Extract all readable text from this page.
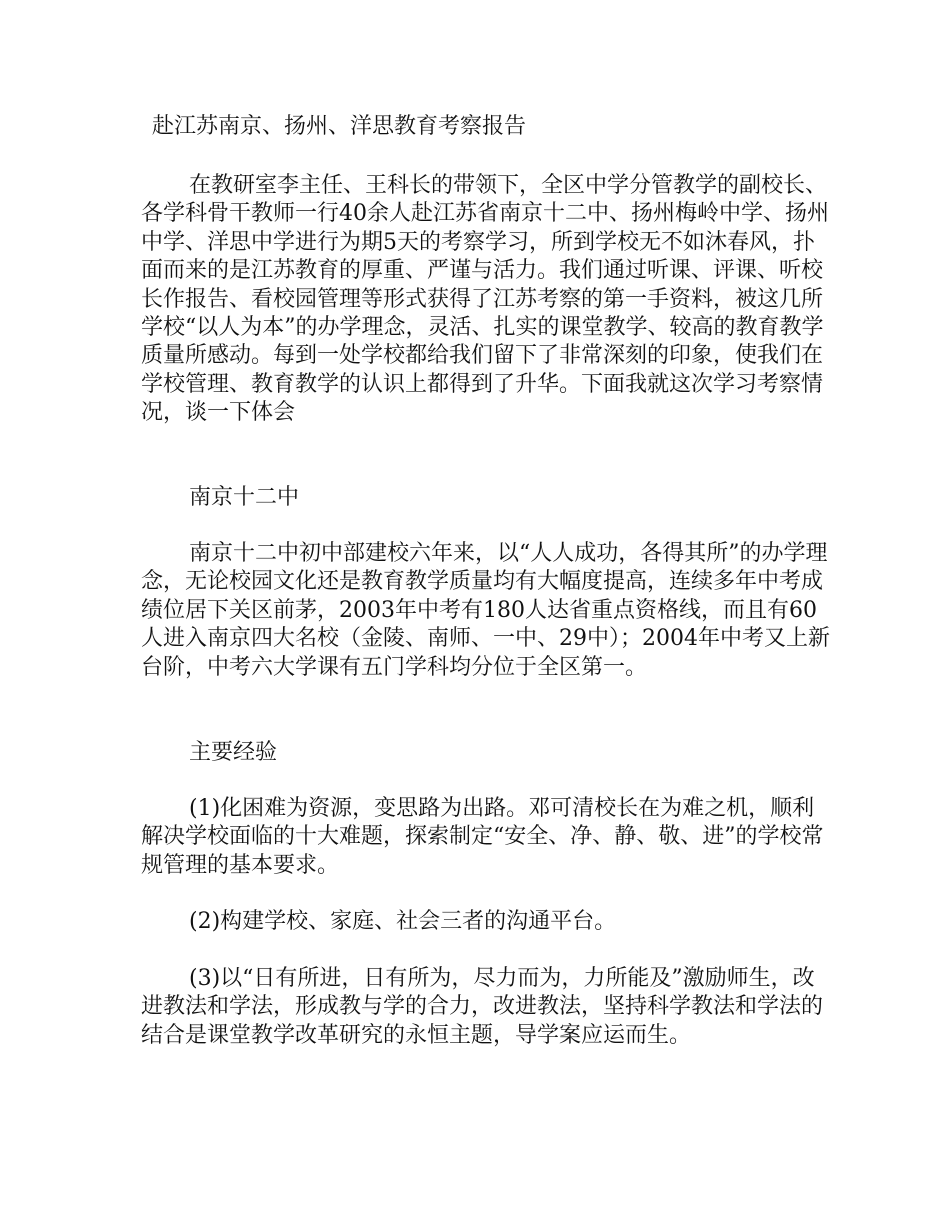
赴江苏南京、扬州、洋思教育考察报告

在教研室李主任、王科长的带领下，全区中学分管教学的副校长、各学科骨干教师一行40余人赴江苏省南京十二中、扬州梅岭中学、扬州中学、洋思中学进行为期5天的考察学习，所到学校无不如沐春风，扑面而来的是江苏教育的厚重、严谨与活力。我们通过听课、评课、听校长作报告、看校园管理等形式获得了江苏考察的第一手资料，被这几所学校“以人为本”的办学理念，灵活、扎实的课堂教学、较高的教育教学质量所感动。每到一处学校都给我们留下了非常深刻的印象，使我们在学校管理、教育教学的认识上都得到了升华。下面我就这次学习考察情况，谈一下体会

南京十二中

南京十二中初中部建校六年来，以“人人成功，各得其所”的办学理念，无论校园文化还是教育教学质量均有大幅度提高，连续多年中考成绩位居下关区前茅，2003年中考有180人达省重点资格线，而且有60人进入南京四大名校（金陵、南师、一中、29中）；2004年中考又上新台阶，中考六大学课有五门学科均分位于全区第一。

主要经验

(1)化困难为资源，变思路为出路。邓可清校长在为难之机，顺利解决学校面临的十大难题，探索制定“安全、净、静、敬、进”的学校常规管理的基本要求。

(2)构建学校、家庭、社会三者的沟通平台。

(3)以“日有所进，日有所为，尽力而为，力所能及”激励师生，改进教法和学法，形成教与学的合力，改进教法，坚持科学教法和学法的结合是课堂教学改革研究的永恒主题，导学案应运而生。
